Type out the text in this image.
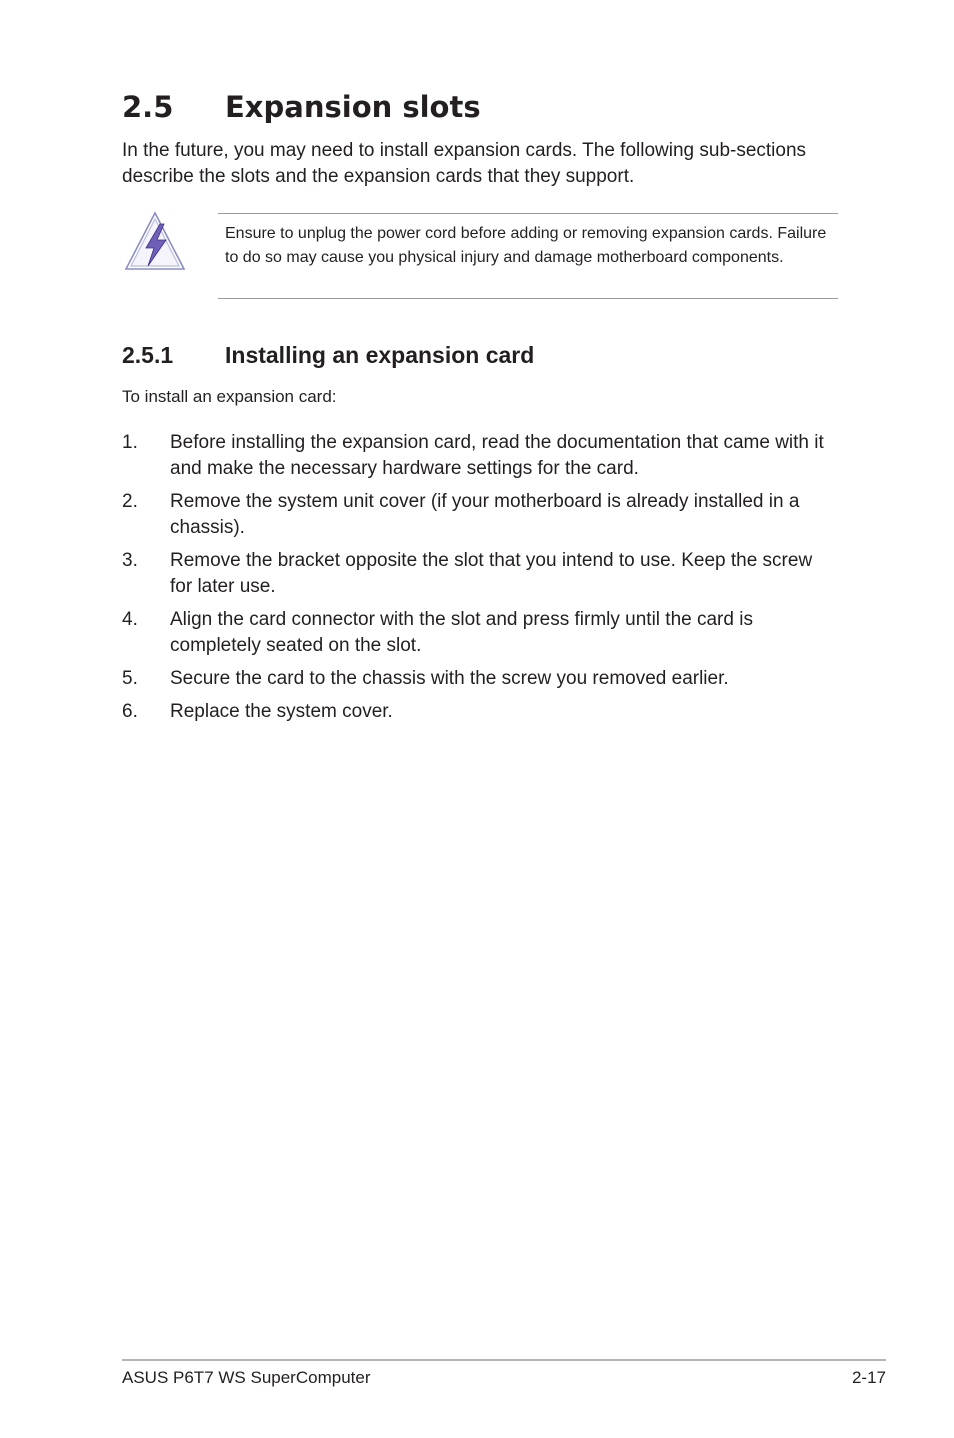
2.5 Expansion slots

In the future, you may need to install expansion cards. The following sub-sections describe the slots and the expansion cards that they support.

Ensure to unplug the power cord before adding or removing expansion cards. Failure to do so may cause you physical injury and damage motherboard components.

2.5.1 Installing an expansion card

To install an expansion card:

1.	Before installing the expansion card, read the documentation that came with it and make the necessary hardware settings for the card.
2.	Remove the system unit cover (if your motherboard is already installed in a chassis).
3.	Remove the bracket opposite the slot that you intend to use. Keep the screw for later use.
4.	Align the card connector with the slot and press firmly until the card is completely seated on the slot.
5.	Secure the card to the chassis with the screw you removed earlier.
6.	Replace the system cover.

ASUS P6T7 WS SuperComputer	2-17
